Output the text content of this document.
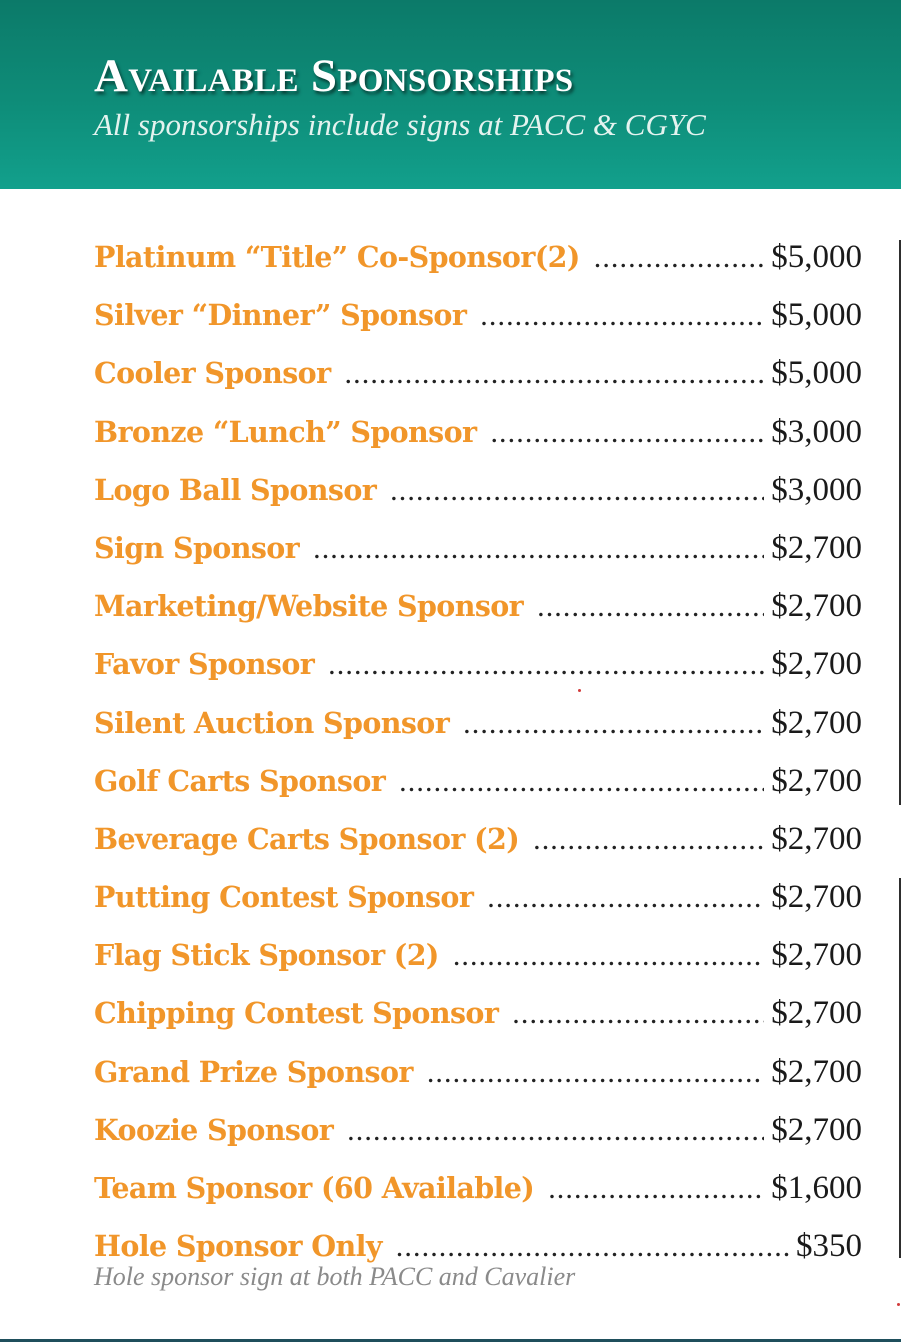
Available Sponsorships
All sponsorships include signs at PACC & CGYC
Platinum “Title” Co-Sponsor(2) .....	$5,000
Silver “Dinner” Sponsor .....	$5,000
Cooler Sponsor .....	$5,000
Bronze “Lunch” Sponsor .....	$3,000
Logo Ball Sponsor .....	$3,000
Sign Sponsor .....	$2,700
Marketing/Website Sponsor .....	$2,700
Favor Sponsor .....	$2,700
Silent Auction Sponsor .....	$2,700
Golf Carts Sponsor .....	$2,700
Beverage Carts Sponsor (2) .....	$2,700
Putting Contest Sponsor .....	$2,700
Flag Stick Sponsor (2) .....	$2,700
Chipping Contest Sponsor .....	$2,700
Grand Prize Sponsor .....	$2,700
Koozie Sponsor .....	$2,700
Team Sponsor (60 Available) .....	$1,600
Hole Sponsor Only .....	$350
Hole sponsor sign at both PACC and Cavalier
